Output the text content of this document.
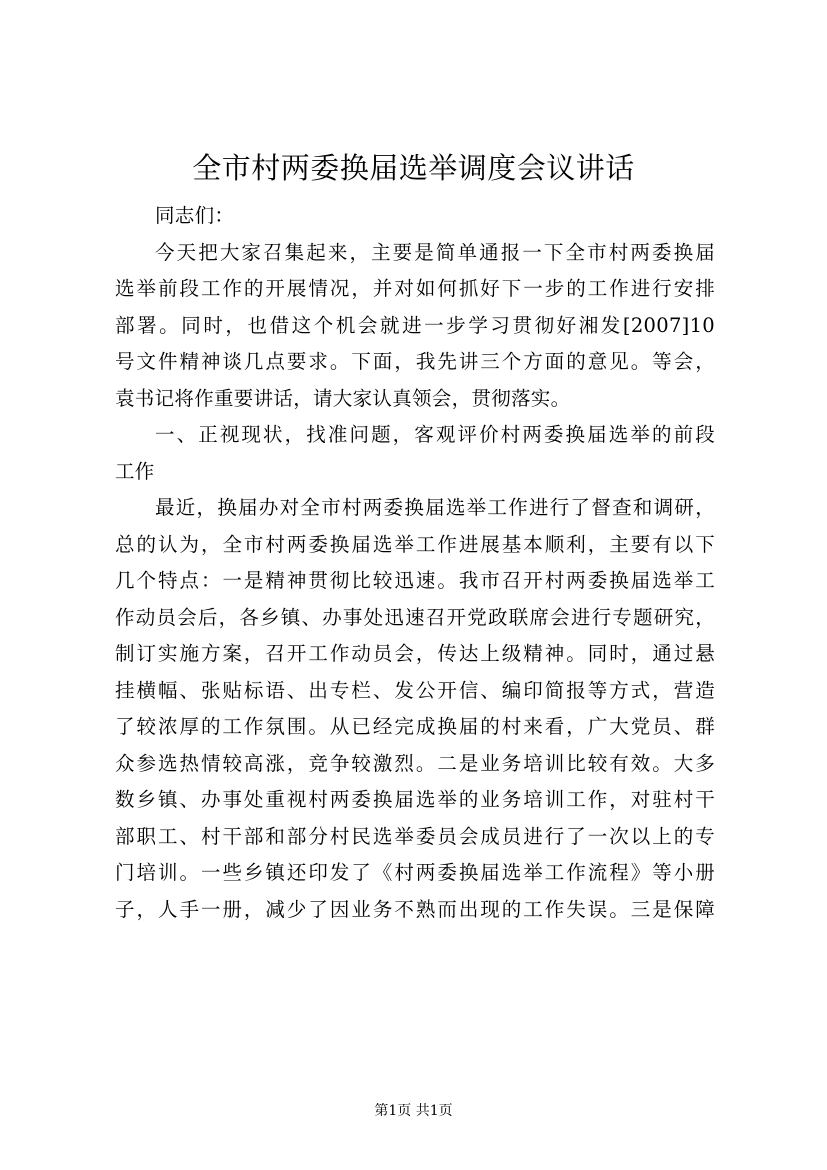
全市村两委换届选举调度会议讲话
同志们：
今天把大家召集起来，主要是简单通报一下全市村两委换届
选举前段工作的开展情况，并对如何抓好下一步的工作进行安排
部署。同时，也借这个机会就进一步学习贯彻好湘发[2007]10
号文件精神谈几点要求。下面，我先讲三个方面的意见。等会，
袁书记将作重要讲话，请大家认真领会，贯彻落实。
一、正视现状，找准问题，客观评价村两委换届选举的前段
工作
最近，换届办对全市村两委换届选举工作进行了督查和调研，
总的认为，全市村两委换届选举工作进展基本顺利，主要有以下
几个特点：一是精神贯彻比较迅速。我市召开村两委换届选举工
作动员会后，各乡镇、办事处迅速召开党政联席会进行专题研究，
制订实施方案，召开工作动员会，传达上级精神。同时，通过悬
挂横幅、张贴标语、出专栏、发公开信、编印简报等方式，营造
了较浓厚的工作氛围。从已经完成换届的村来看，广大党员、群
众参选热情较高涨，竞争较激烈。二是业务培训比较有效。大多
数乡镇、办事处重视村两委换届选举的业务培训工作，对驻村干
部职工、村干部和部分村民选举委员会成员进行了一次以上的专
门培训。一些乡镇还印发了《村两委换届选举工作流程》等小册
子，人手一册，减少了因业务不熟而出现的工作失误。三是保障
第1页 共1页
